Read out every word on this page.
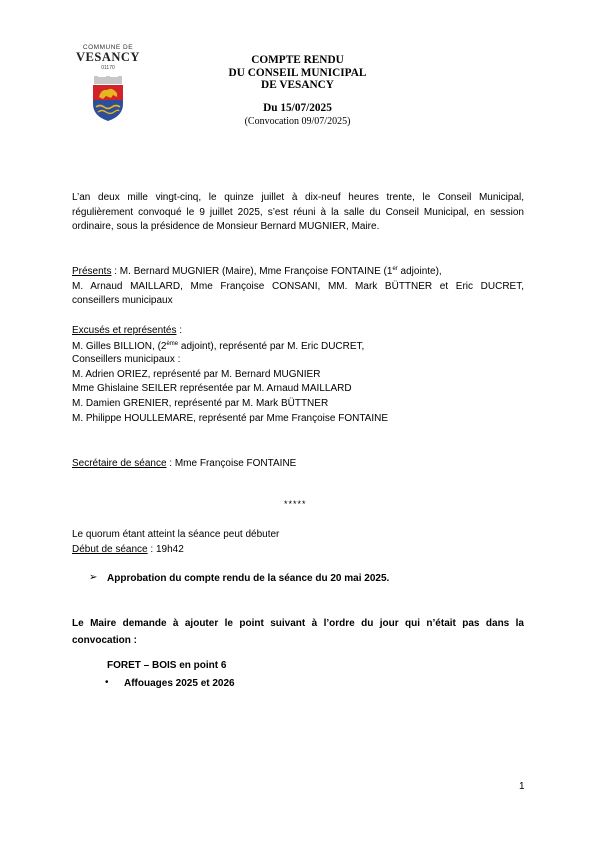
COMMUNE DE
VESANCY
01170
COMPTE RENDU
DU CONSEIL MUNICIPAL
DE VESANCY
Du 15/07/2025
(Convocation 09/07/2025)
L’an deux mille vingt-cinq, le quinze juillet à dix-neuf heures trente, le Conseil Municipal,
régulièrement convoqué le 9 juillet 2025, s’est réuni à la salle du Conseil Municipal, en session
ordinaire, sous la présidence de Monsieur Bernard MUGNIER, Maire.
Présents : M. Bernard MUGNIER (Maire), Mme Françoise FONTAINE (1er adjointe),
M. Arnaud MAILLARD, Mme Françoise CONSANI, MM. Mark BÜTTNER et Eric DUCRET,
conseillers municipaux
Excusés et représentés :
M. Gilles BILLION, (2ème adjoint), représenté par M. Eric DUCRET,
Conseillers municipaux :
M. Adrien ORIEZ, représenté par M. Bernard MUGNIER
Mme Ghislaine SEILER représentée par M. Arnaud MAILLARD
M. Damien GRENIER, représenté par M. Mark BÜTTNER
M. Philippe HOULLEMARE, représenté par Mme Françoise FONTAINE
Secrétaire de séance : Mme Françoise FONTAINE
*****
Le quorum étant atteint la séance peut débuter
Début de séance : 19h42
➢ Approbation du compte rendu de la séance du 20 mai 2025.
Le Maire demande à ajouter le point suivant à l’ordre du jour qui n’était pas dans la
convocation :
FORET – BOIS en point 6
• Affouages 2025 et 2026
1
